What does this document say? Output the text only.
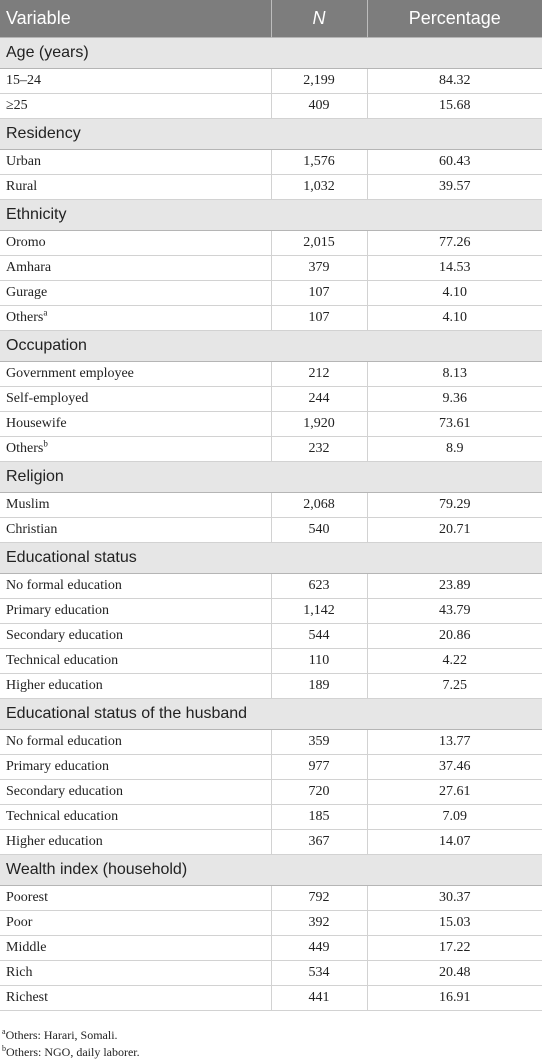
Variable	N	Percentage
Age (years)		
15–24	2,199	84.32
≥25	409	15.68
Residency		
Urban	1,576	60.43
Rural	1,032	39.57
Ethnicity		
Oromo	2,015	77.26
Amhara	379	14.53
Gurage	107	4.10
Others$^a$	107	4.10
Occupation		
Government employee	212	8.13
Self-employed	244	9.36
Housewife	1,920	73.61
Others$^b$	232	8.9
Religion		
Muslim	2,068	79.29
Christian	540	20.71
Educational status		
No formal education	623	23.89
Primary education	1,142	43.79
Secondary education	544	20.86
Technical education	110	4.22
Higher education	189	7.25
Educational status of the husband		
No formal education	359	13.77
Primary education	977	37.46
Secondary education	720	27.61
Technical education	185	7.09
Higher education	367	14.07
Wealth index (household)		
Poorest	792	30.37
Poor	392	15.03
Middle	449	17.22
Rich	534	20.48
Richest	441	16.91
$^a$Others: Harari, Somali.
$^b$Others: NGO, daily laborer.
